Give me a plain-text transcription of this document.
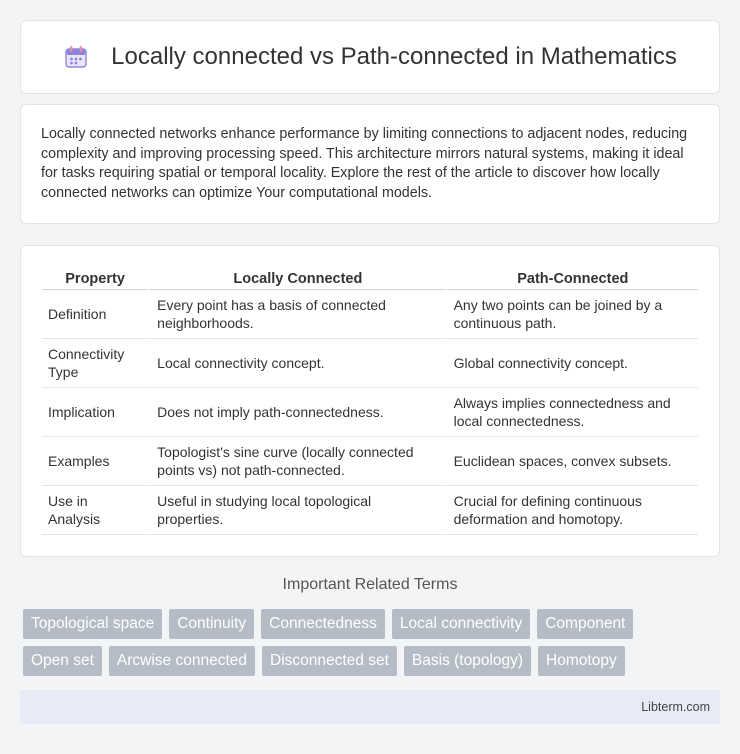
Locally connected vs Path-connected in Mathematics

Locally connected networks enhance performance by limiting connections to adjacent nodes, reducing complexity and improving processing speed. This architecture mirrors natural systems, making it ideal for tasks requiring spatial or temporal locality. Explore the rest of the article to discover how locally connected networks can optimize Your computational models.

Property	Locally Connected	Path-Connected
Definition	Every point has a basis of connected neighborhoods.	Any two points can be joined by a continuous path.
Connectivity Type	Local connectivity concept.	Global connectivity concept.
Implication	Does not imply path-connectedness.	Always implies connectedness and local connectedness.
Examples	Topologist's sine curve (locally connected points vs) not path-connected.	Euclidean spaces, convex subsets.
Use in Analysis	Useful in studying local topological properties.	Crucial for defining continuous deformation and homotopy.
Important Related Terms
Topological space	Continuity	Connectedness	Local connectivity	Component
Open set	Arcwise connected	Disconnected set	Basis (topology)	Homotopy
Libterm.com
